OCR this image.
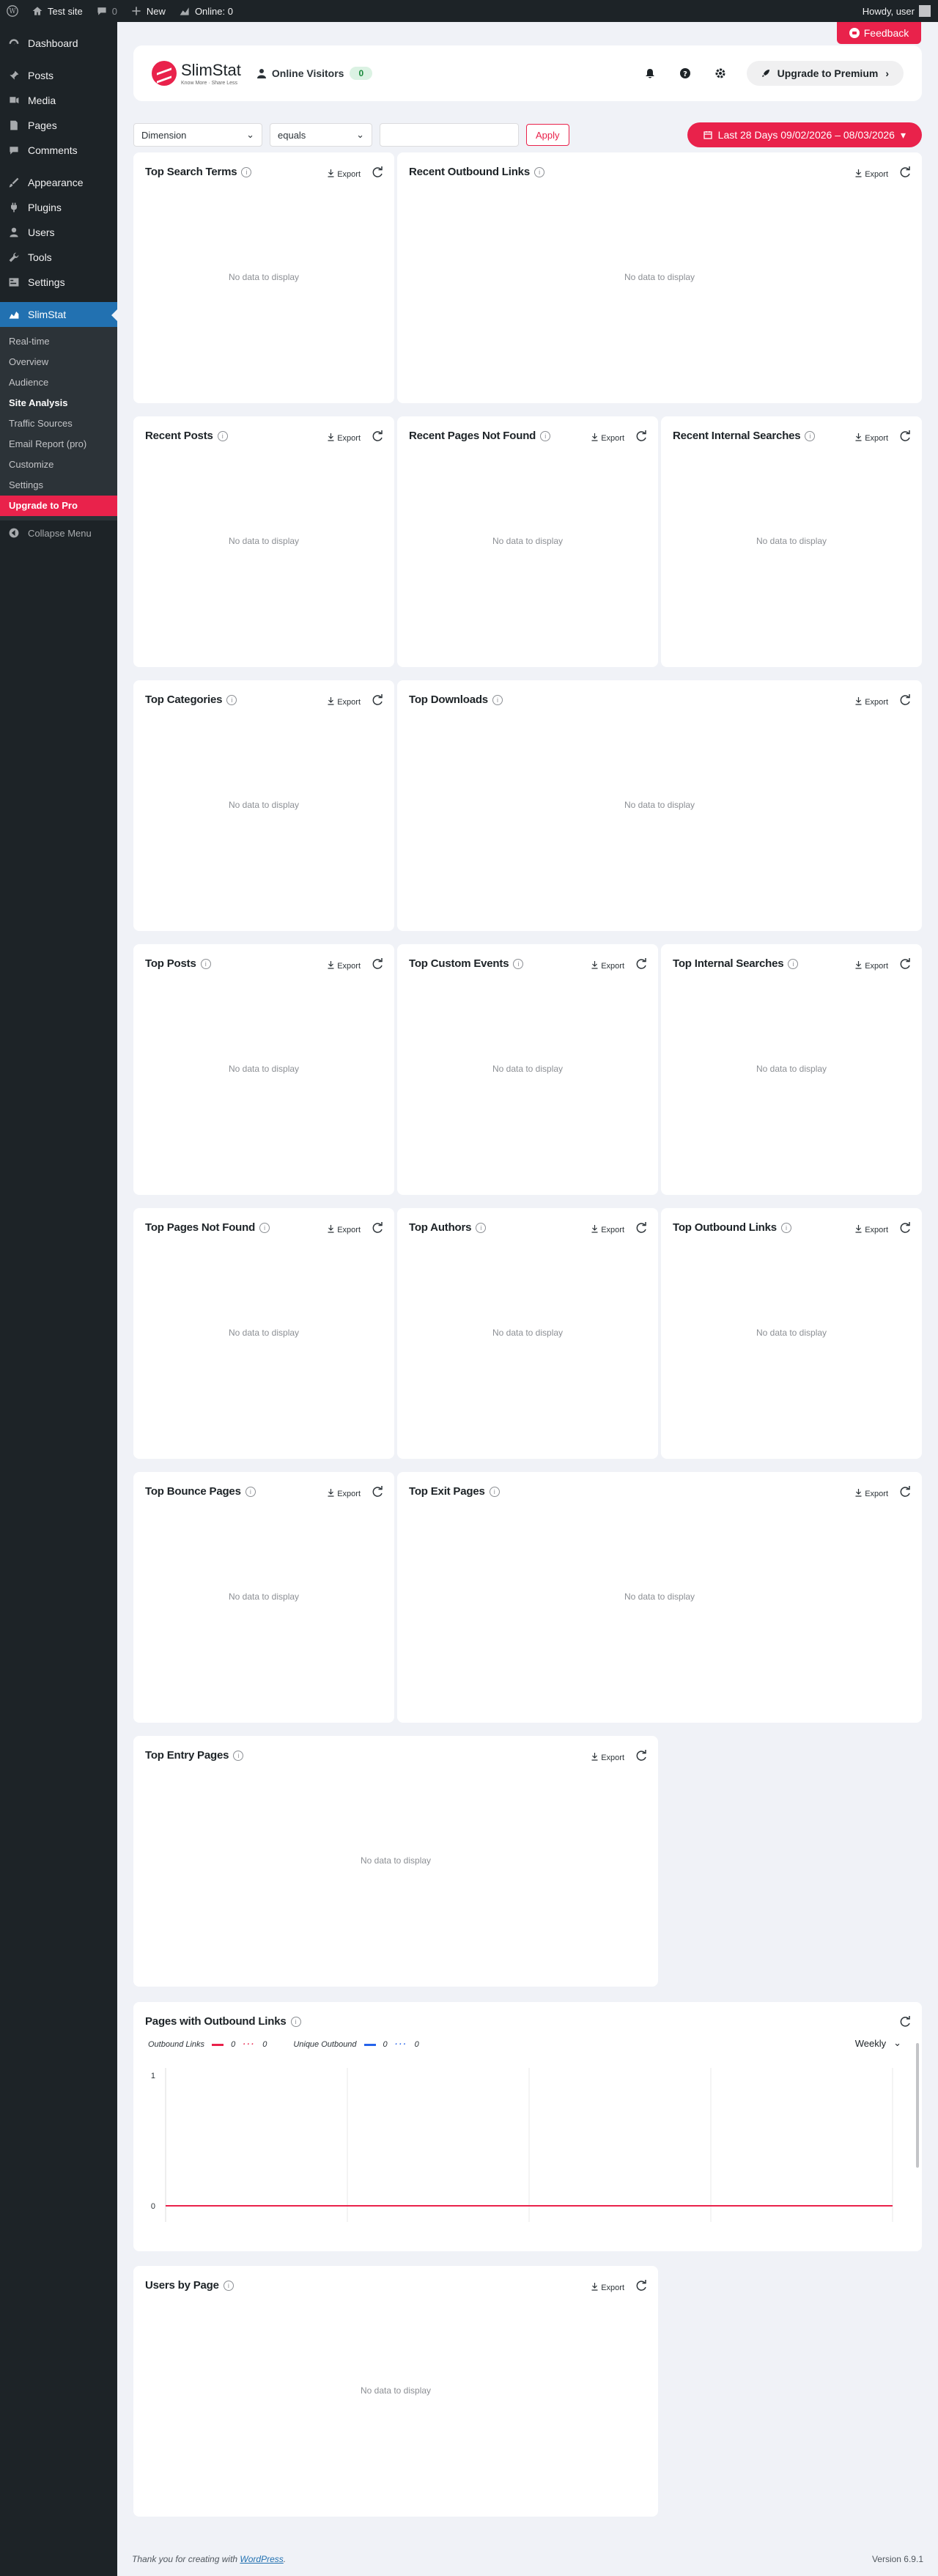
W	Test site	0	New	Online: 0	Howdy, user
Dashboard
Posts
Media
Pages
Comments
Appearance
Plugins
Users
Tools
Settings
SlimStat
Real-time
Overview
Audience
Site Analysis
Traffic Sources
Email Report (pro)
Customize
Settings
Upgrade to Pro
Collapse Menu
Feedback
SlimStat
Know More · Share Less
Online Visitors	0	?	Upgrade to Premium ›
Dimension	⌄ equals	⌄	Apply	Last 28 Days 09/02/2026 – 08/03/2026 ▾
Top Search Terms	i	Export
No data to display
Recent Outbound Links	i	Export
No data to display
Recent Posts	i	Export
No data to display
Recent Pages Not Found	i	Export
No data to display
Recent Internal Searches	i	Export
No data to display
Top Categories	i	Export
No data to display
Top Downloads	i	Export
No data to display
Top Posts	i	Export
No data to display
Top Custom Events	i	Export
No data to display
Top Internal Searches	i	Export
No data to display
Top Pages Not Found	i	Export
No data to display
Top Authors	i	Export
No data to display
Top Outbound Links	i	Export
No data to display
Top Bounce Pages	i	Export
No data to display
Top Exit Pages	i	Export
No data to display
Top Entry Pages	i	Export
No data to display
Users by Page	i	Export
No data to display
Pages with Outbound Links	i
Outbound Links	0 ··· 0	Unique Outbound	0 ··· 0	Weekly ⌄
1
0
Thank you for creating with WordPress.	Version 6.9.1
